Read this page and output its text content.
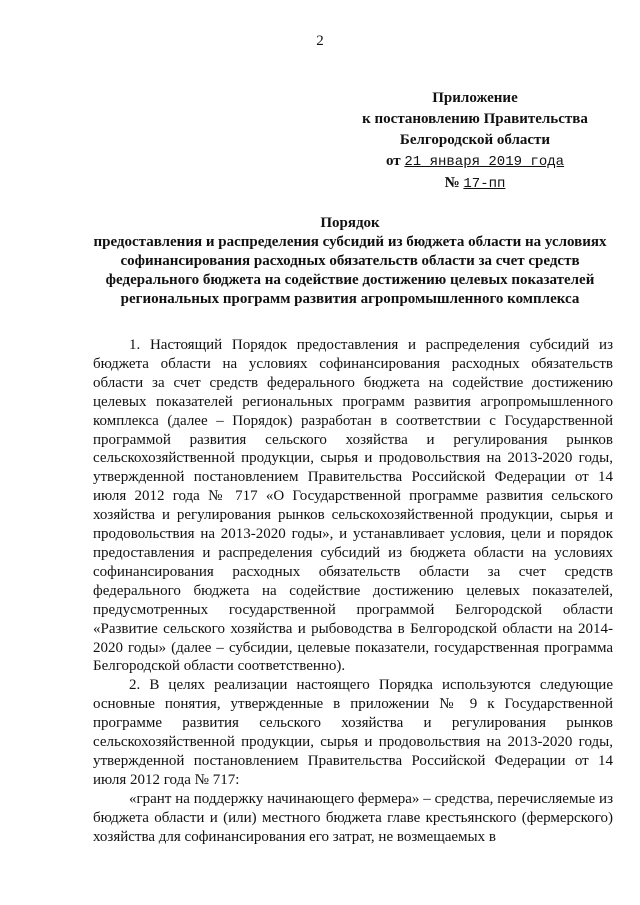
2
Приложение
к постановлению Правительства
Белгородской области
от 21 января 2019 года
№ 17-пп
Порядок
предоставления и распределения субсидий из бюджета области на условиях
софинансирования расходных обязательств области за счет средств
федерального бюджета на содействие достижению целевых показателей
региональных программ развития агропромышленного комплекса

1. Настоящий Порядок предоставления и распределения субсидий из бюджета области на условиях софинансирования расходных обязательств области за счет средств федерального бюджета на содействие достижению целевых показателей региональных программ развития агропромышленного комплекса (далее – Порядок) разработан в соответствии с Государственной программой развития сельского хозяйства и регулирования рынков сельскохозяйственной продукции, сырья и продовольствия на 2013-2020 годы, утвержденной постановлением Правительства Российской Федерации от 14 июля 2012 года № 717 «О Государственной программе развития сельского хозяйства и регулирования рынков сельскохозяйственной продукции, сырья и продовольствия на 2013-2020 годы», и устанавливает условия, цели и порядок предоставления и распределения субсидий из бюджета области на условиях софинансирования расходных обязательств области за счет средств федерального бюджета на содействие достижению целевых показателей, предусмотренных государственной программой Белгородской области «Развитие сельского хозяйства и рыбоводства в Белгородской области на 2014-2020 годы» (далее – субсидии, целевые показатели, государственная программа Белгородской области соответственно).

2. В целях реализации настоящего Порядка используются следующие основные понятия, утвержденные в приложении № 9 к Государственной программе развития сельского хозяйства и регулирования рынков сельскохозяйственной продукции, сырья и продовольствия на 2013-2020 годы, утвержденной постановлением Правительства Российской Федерации от 14 июля 2012 года № 717:

«грант на поддержку начинающего фермера» – средства, перечисляемые из бюджета области и (или) местного бюджета главе крестьянского (фермерского) хозяйства для софинансирования его затрат, не возмещаемых в
